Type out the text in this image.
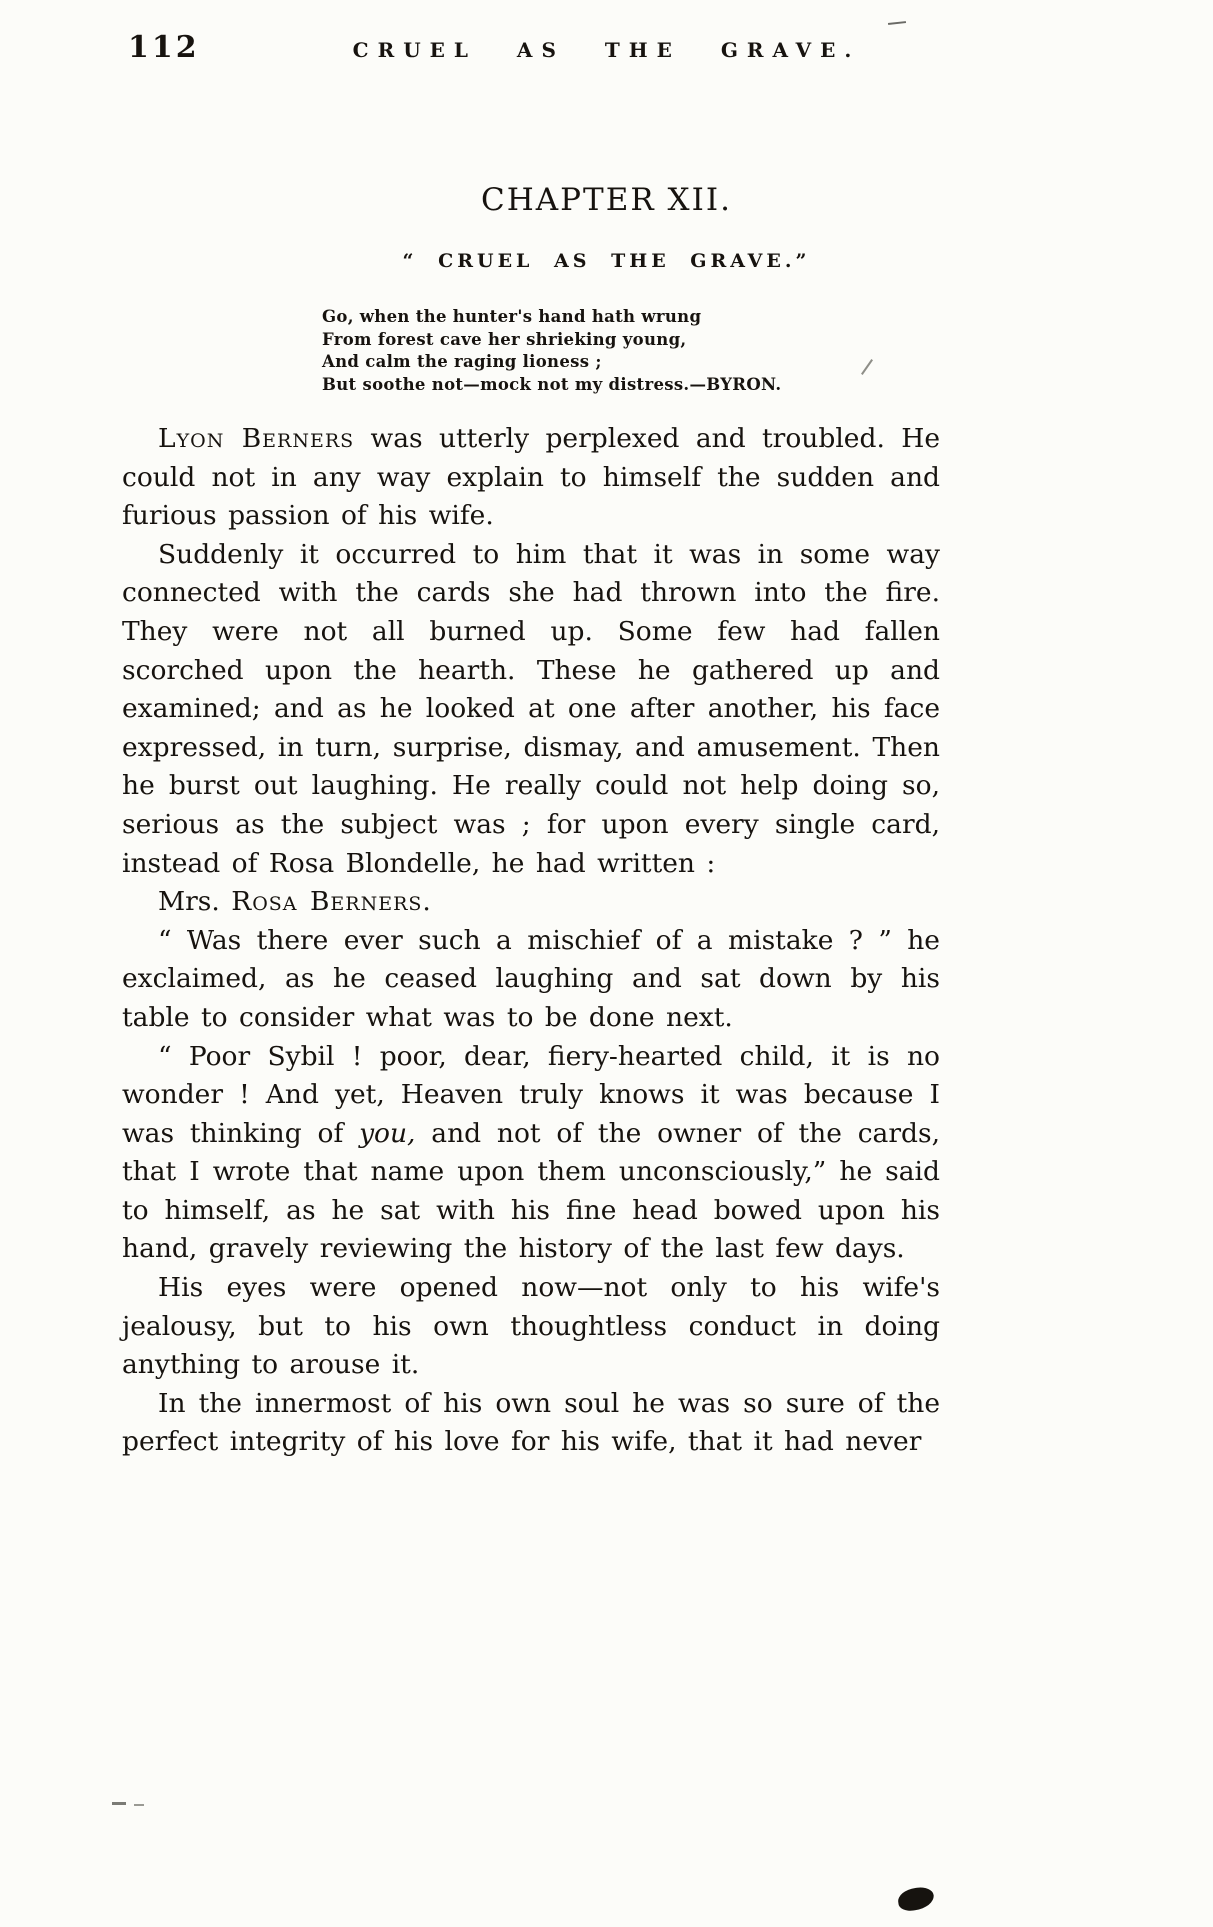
112	CRUEL AS THE GRAVE.
CHAPTER XII.
“ CRUEL AS THE GRAVE.”
Go, when the hunter's hand hath wrung
From forest cave her shrieking young,
And calm the raging lioness ;
But soothe not—mock not my distress.—BYRON.

Lyon Berners was utterly perplexed and troubled. He could not in any way explain to himself the sudden and furious passion of his wife.

Suddenly it occurred to him that it was in some way connected with the cards she had thrown into the fire. They were not all burned up. Some few had fallen scorched upon the hearth. These he gathered up and examined; and as he looked at one after another, his face expressed, in turn, surprise, dismay, and amusement. Then he burst out laughing. He really could not help doing so, serious as the subject was ; for upon every single card, instead of Rosa Blondelle, he had written :

Mrs. Rosa Berners.

“ Was there ever such a mischief of a mistake ? ” he exclaimed, as he ceased laughing and sat down by his table to consider what was to be done next.

“ Poor Sybil ! poor, dear, fiery-hearted child, it is no wonder ! And yet, Heaven truly knows it was because I was thinking of you, and not of the owner of the cards, that I wrote that name upon them unconsciously,” he said to himself, as he sat with his fine head bowed upon his hand, gravely reviewing the history of the last few days.

His eyes were opened now—not only to his wife's jealousy, but to his own thoughtless conduct in doing anything to arouse it.

In the innermost of his own soul he was so sure of the perfect integrity of his love for his wife, that it had never
